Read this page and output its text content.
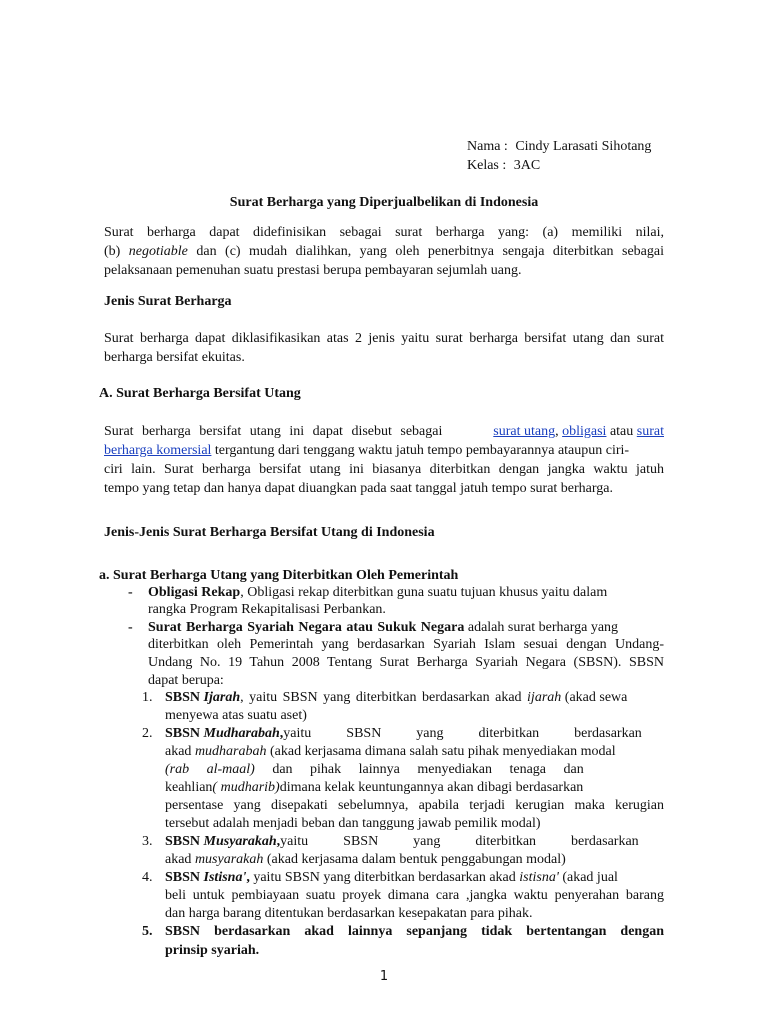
Nama : Cindy Larasati Sihotang
Kelas : 3AC
Surat Berharga yang Diperjualbelikan di Indonesia
Surat berharga dapat didefinisikan sebagai surat berharga yang: (a) memiliki nilai,
(b) negotiable dan (c) mudah dialihkan, yang oleh penerbitnya sengaja diterbitkan sebagai
pelaksanaan pemenuhan suatu prestasi berupa pembayaran sejumlah uang.
Jenis Surat Berharga
Surat berharga dapat diklasifikasikan atas 2 jenis yaitu surat berharga bersifat utang dan surat
berharga bersifat ekuitas.
A. Surat Berharga Bersifat Utang
Surat berharga bersifat utang ini dapat disebut sebagai	surat utang, obligasi atau surat
berharga komersial tergantung dari tenggang waktu jatuh tempo pembayarannya ataupun ciri-
ciri lain. Surat berharga bersifat utang ini biasanya diterbitkan dengan jangka waktu jatuh
tempo yang tetap dan hanya dapat diuangkan pada saat tanggal jatuh tempo surat berharga.
Jenis-Jenis Surat Berharga Bersifat Utang di Indonesia
a. Surat Berharga Utang yang Diterbitkan Oleh Pemerintah
- Obligasi Rekap , Obligasi rekap diterbitkan guna suatu tujuan khusus yaitu dalam
rangka Program Rekapitalisasi Perbankan.
- Surat Berharga Syariah Negara atau Sukuk Negara adalah surat berharga yang
diterbitkan oleh Pemerintah yang berdasarkan Syariah Islam sesuai dengan Undang-
Undang No. 19 Tahun 2008 Tentang Surat Berharga Syariah Negara (SBSN). SBSN
dapat berupa:
1. SBSN Ijarah, yaitu SBSN yang diterbitkan berdasarkan akad ijarah (akad sewa
menyewa atas suatu aset)
2. SBSN Mudharabah,yaitu          SBSN          yang          diterbitkan          berdasarkan
akad mudharabah (akad kerjasama dimana salah satu pihak menyediakan modal
(rab     al-maal)     dan     pihak     lainnya     menyediakan     tenaga     dan
keahlian( mudharib)dimana kelak keuntungannya akan dibagi berdasarkan
persentase yang disepakati sebelumnya, apabila terjadi kerugian maka kerugian
tersebut adalah menjadi beban dan tanggung jawab pemilik modal)
3. SBSN Musyarakah,yaitu          SBSN          yang          diterbitkan          berdasarkan
akad musyarakah (akad kerjasama dalam bentuk penggabungan modal)
4. SBSN Istisna', yaitu SBSN yang diterbitkan berdasarkan akad istisna' (akad jual
beli untuk pembiayaan suatu proyek dimana cara ,jangka waktu penyerahan barang
dan harga barang ditentukan berdasarkan kesepakatan para pihak.
5. SBSN berdasarkan akad lainnya sepanjang tidak bertentangan dengan
prinsip syariah.
1
